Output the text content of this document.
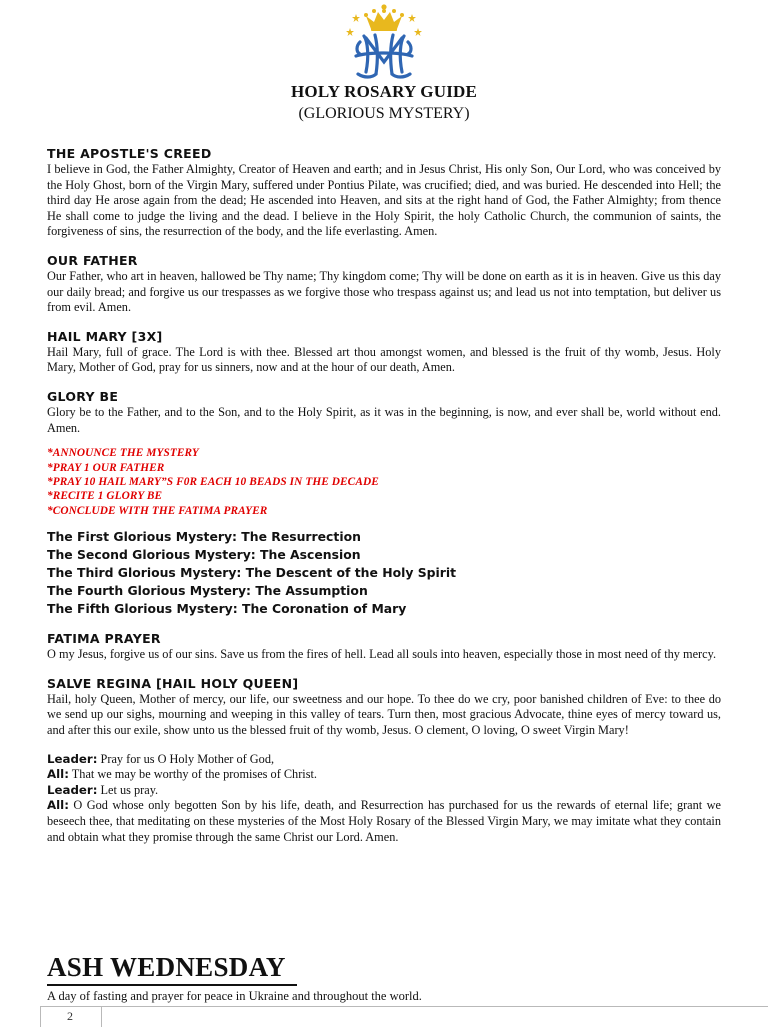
HOLY ROSARY GUIDE
(GLORIOUS MYSTERY)
THE APOSTLE'S CREED

I believe in God, the Father Almighty, Creator of Heaven and earth; and in Jesus Christ, His only Son, Our Lord, who was conceived by the Holy Ghost, born of the Virgin Mary, suffered under Pontius Pilate, was crucified; died, and was buried. He descended into Hell; the third day He arose again from the dead; He ascended into Heaven, and sits at the right hand of God, the Father Almighty; from thence He shall come to judge the living and the dead. I believe in the Holy Spirit, the holy Catholic Church, the communion of saints, the forgiveness of sins, the resurrection of the body, and the life everlasting. Amen.

OUR FATHER

Our Father, who art in heaven, hallowed be Thy name; Thy kingdom come; Thy will be done on earth as it is in heaven. Give us this day our daily bread; and forgive us our trespasses as we forgive those who trespass against us; and lead us not into temptation, but deliver us from evil. Amen.

HAIL MARY [3X]

Hail Mary, full of grace. The Lord is with thee. Blessed art thou amongst women, and blessed is the fruit of thy womb, Jesus. Holy Mary, Mother of God, pray for us sinners, now and at the hour of our death, Amen.

GLORY BE

Glory be to the Father, and to the Son, and to the Holy Spirit, as it was in the beginning, is now, and ever shall be, world without end. Amen.

*ANNOUNCE THE MYSTERY
*PRAY 1 OUR FATHER
*PRAY 10 HAIL MARY”S F0R EACH 10 BEADS IN THE DECADE
*RECITE 1 GLORY BE
*CONCLUDE WITH THE FATIMA PRAYER
The First Glorious Mystery: The Resurrection
The Second Glorious Mystery: The Ascension
The Third Glorious Mystery: The Descent of the Holy Spirit
The Fourth Glorious Mystery: The Assumption
The Fifth Glorious Mystery: The Coronation of Mary
FATIMA PRAYER

O my Jesus, forgive us of our sins. Save us from the fires of hell. Lead all souls into heaven, especially those in most need of thy mercy.

SALVE REGINA [HAIL HOLY QUEEN]

Hail, holy Queen, Mother of mercy, our life, our sweetness and our hope. To thee do we cry, poor banished children of Eve: to thee do we send up our sighs, mourning and weeping in this valley of tears. Turn then, most gracious Advocate, thine eyes of mercy toward us, and after this our exile, show unto us the blessed fruit of thy womb, Jesus. O clement, O loving, O sweet Virgin Mary!

Leader: Pray for us O Holy Mother of God,

All: That we may be worthy of the promises of Christ.

Leader: Let us pray.

All: O God whose only begotten Son by his life, death, and Resurrection has purchased for us the rewards of eternal life; grant we beseech thee, that meditating on these mysteries of the Most Holy Rosary of the Blessed Virgin Mary, we may imitate what they contain and obtain what they promise through the same Christ our Lord. Amen.

ASH WEDNESDAY
A day of fasting and prayer for peace in Ukraine and throughout the world.
2
